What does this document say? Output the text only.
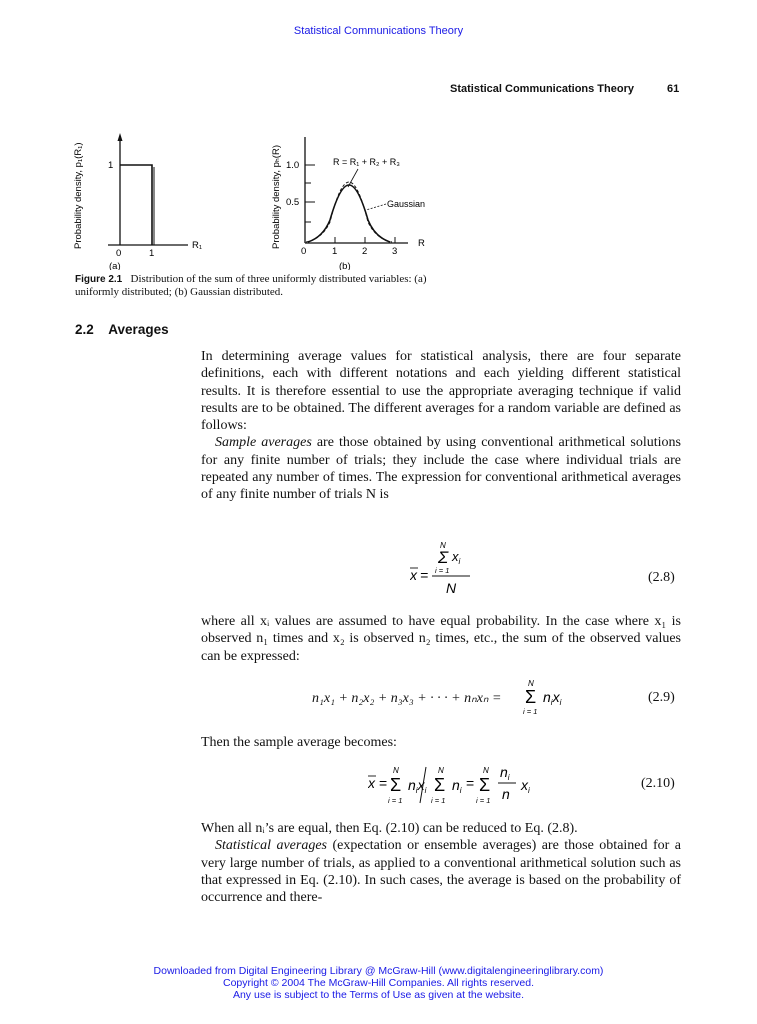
Statistical Communications Theory
Statistical Communications Theory	61
Probability density, p₁(R₁)	1
0	1
R₁
(a)
Probability density, pₕ(R) 1.0
0.5
0	1	2	3
R
R = R₁ + R₂ + R₃
Gaussian
(b)
Figure 2.1 Distribution of the sum of three uniformly distributed variables: (a) uniformly distributed; (b) Gaussian distributed.
2.2 Averages

In determining average values for statistical analysis, there are four separate definitions, each with different notations and each yielding different statistical results. It is therefore essential to use the appropriate averaging technique if valid results are to be obtained. The different averages for a random variable are defined as follows:

Sample averages are those obtained by using conventional arithmetical solutions for any finite number of trials; they include the case where individual trials are repeated any number of times. The expression for conventional arithmetical averages of any finite number of trials N is

N
Σ $x_i$
i = 1
x =
N
(2.8)

where all xᵢ values are assumed to have equal probability. In the case where x₁ is observed n₁ times and x₂ is observed n₂ times, etc., the sum of the observed values can be expressed:

n₁x₁ + n₂x₂ + n₃x₃ + · · · + nₙxₙ =
N
Σ $n_ix_i$
i = 1
(2.9)

Then the sample average becomes:

x =
N
Σ $n_ix_i$
i = 1
N
Σ $n_i$
i = 1
=
N
Σ
i = 1
$n_i$
n
$x_i$	(2.10)

When all nᵢ’s are equal, then Eq. (2.10) can be reduced to Eq. (2.8).

Statistical averages (expectation or ensemble averages) are those obtained for a very large number of trials, as applied to a conventional arithmetical solution such as that expressed in Eq. (2.10). In such cases, the average is based on the probability of occurrence and there-

Downloaded from Digital Engineering Library @ McGraw-Hill (www.digitalengineeringlibrary.com)
Copyright © 2004 The McGraw-Hill Companies. All rights reserved.
Any use is subject to the Terms of Use as given at the website.
